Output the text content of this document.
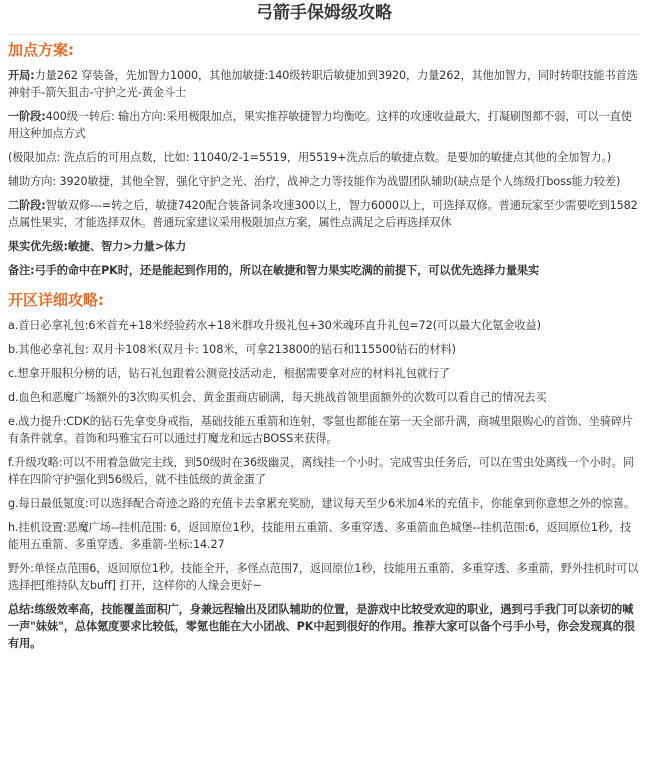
弓箭手保姆级攻略
加点方案:

开局:力量262 穿装备，先加智力1000，其他加敏捷:140级转职后敏捷加到3920，力量262，其他加智力，同时转职技能书首选神射手-箭矢狙击-守护之光-黄金斗士

一阶段:400级一转后: 输出方向:采用极限加点，果实推荐敏捷智力均衡吃。这样的攻速收益最大，打凝刷图都不弱，可以一直使用这种加点方式

(极限加点: 洗点后的可用点数，比如: 11040/2-1=5519，用5519+洗点后的敏捷点数。是要加的敏捷点其他的全加智力。)

辅助方向: 3920敏捷，其他全智，强化守护之光、治疗，战神之力等技能作为战盟团队辅助(缺点是个人练级打boss能力较差)

二阶段:智敏双修---=转之后，敏捷7420配合装备词条攻速300以上，智力6000以上，可选择双修。普通玩家至少需要吃到1582点属性果实，才能选择双休。普通玩家建议采用极限加点方案，属性点满足之后再选择双休

果实优先级:敏捷、智力>力量>体力

备注:弓手的命中在PK时，还是能起到作用的，所以在敏捷和智力果实吃满的前提下，可以优先选择力量果实

开区详细攻略:

a.首日必拿礼包:6米首充+18米经验药水+18米群攻升级礼包+30米魂环直升礼包=72(可以最大化氪金收益)

b.其他必拿礼包: 双月卡108米(双月卡: 108米，可拿213800的钻石和115500钻石的材料)

c.想拿开服积分榜的话，钻石礼包跟着公测竞技活动走，根据需要拿对应的材料礼包就行了

d.血色和恶魔广场额外的3次购买机会、黄金蛋商店刷满，每天挑战首领里面额外的次数可以看自己的情况去买

e.战力提升:CDK的钻石先拿变身戒指，基础技能五重箭和连射，零氪也都能在第一天全部升满，商城里限购心的首饰、坐骑碎片有条件就拿。首饰和玛雅宝石可以通过打魔龙和远古BOSS来获得。

f.升级攻略:可以不用着急做完主线，到50级时在36级幽灵，离线挂一个小时。完成雪虫任务后，可以在雪虫处离线一个小时。同样在四阶守护强化到56级后，就不挂低级的黄金蛋了

g.每日最低氪度:可以选择配合奇迹之路的充值卡去拿累充奖励，建议每天至少6米加4米的充值卡，你能拿到你意想之外的惊喜。

h.挂机设置:恶魔广场--挂机范围: 6，返回原位1秒，技能用五重箭、多重穿透、多重箭血色城堡--挂机范围:6，返回原位1秒，技能用五重箭、多重穿透、多重箭-坐标:14.27

野外:单怪点范围6，返回原位1秒，技能全开，多怪点范围7，返回原位1秒，技能用五重箭、多重穿透、多重箭，野外挂机时可以选择把[维持队友buff] 打开，这样你的人缘会更好~

总结:练级效率高，技能覆盖面积广，身兼远程输出及团队辅助的位置，是游戏中比较受欢迎的职业，遇到弓手我门可以亲切的喊一声"妹妹"，总体氪度要求比较低，零氪也能在大小团战、PK中起到很好的作用。推荐大家可以备个弓手小号，你会发现真的很有用。
